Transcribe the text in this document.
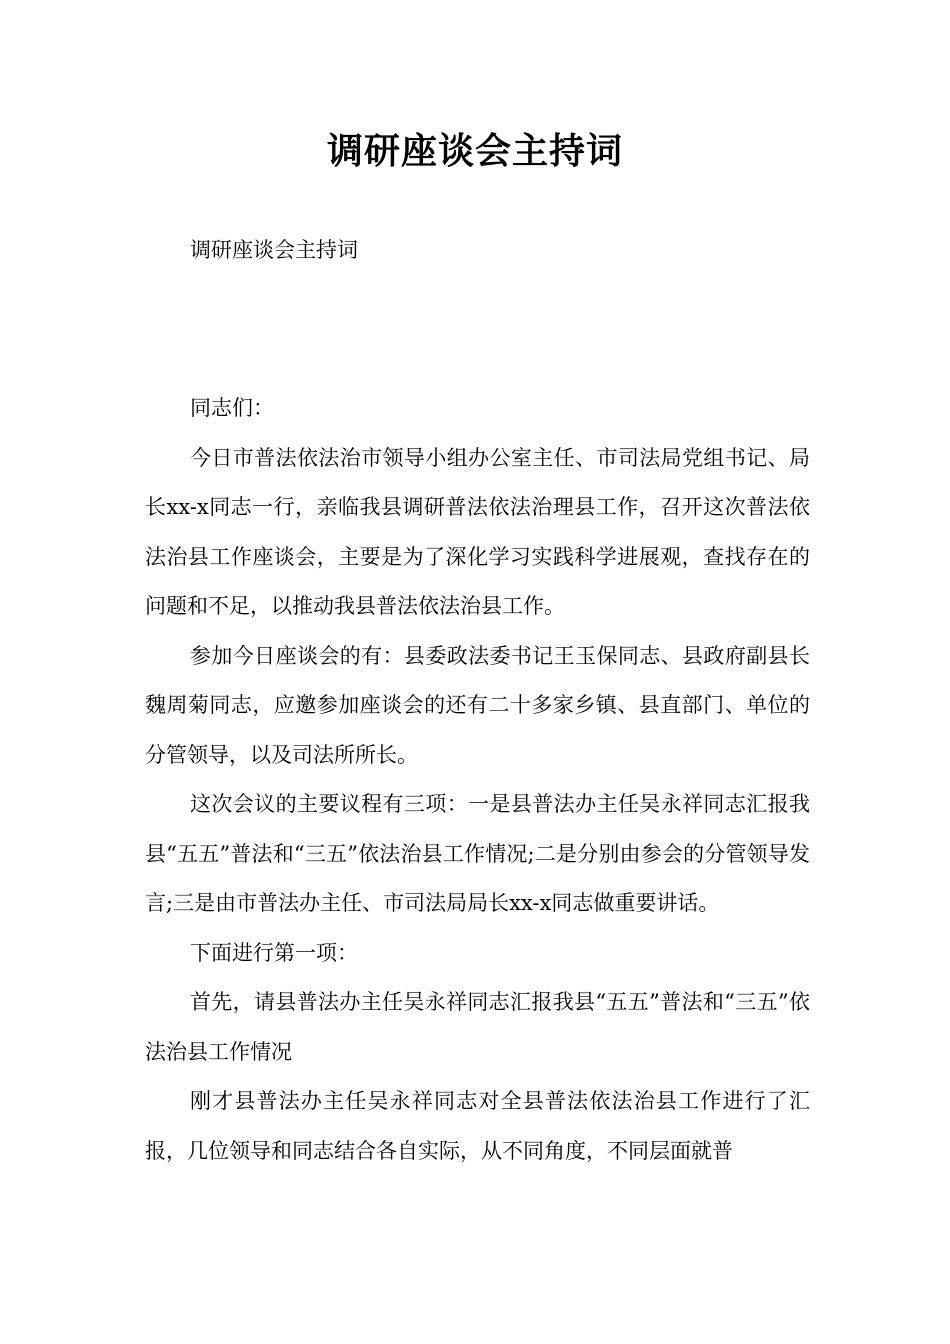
调研座谈会主持词

调研座谈会主持词

同志们：

今日市普法依法治市领导小组办公室主任、市司法局党组书记、局长xx-x同志一行，亲临我县调研普法依法治理县工作，召开这次普法依法治县工作座谈会，主要是为了深化学习实践科学进展观，查找存在的问题和不足，以推动我县普法依法治县工作。

参加今日座谈会的有：县委政法委书记王玉保同志、县政府副县长魏周菊同志，应邀参加座谈会的还有二十多家乡镇、县直部门、单位的分管领导，以及司法所所长。

这次会议的主要议程有三项：一是县普法办主任吴永祥同志汇报我县“五五”普法和“三五”依法治县工作情况;二是分别由参会的分管领导发言;三是由市普法办主任、市司法局局长xx-x同志做重要讲话。

下面进行第一项：

首先，请县普法办主任吴永祥同志汇报我县“五五”普法和“三五”依法治县工作情况

刚才县普法办主任吴永祥同志对全县普法依法治县工作进行了汇报，几位领导和同志结合各自实际，从不同角度，不同层面就普
